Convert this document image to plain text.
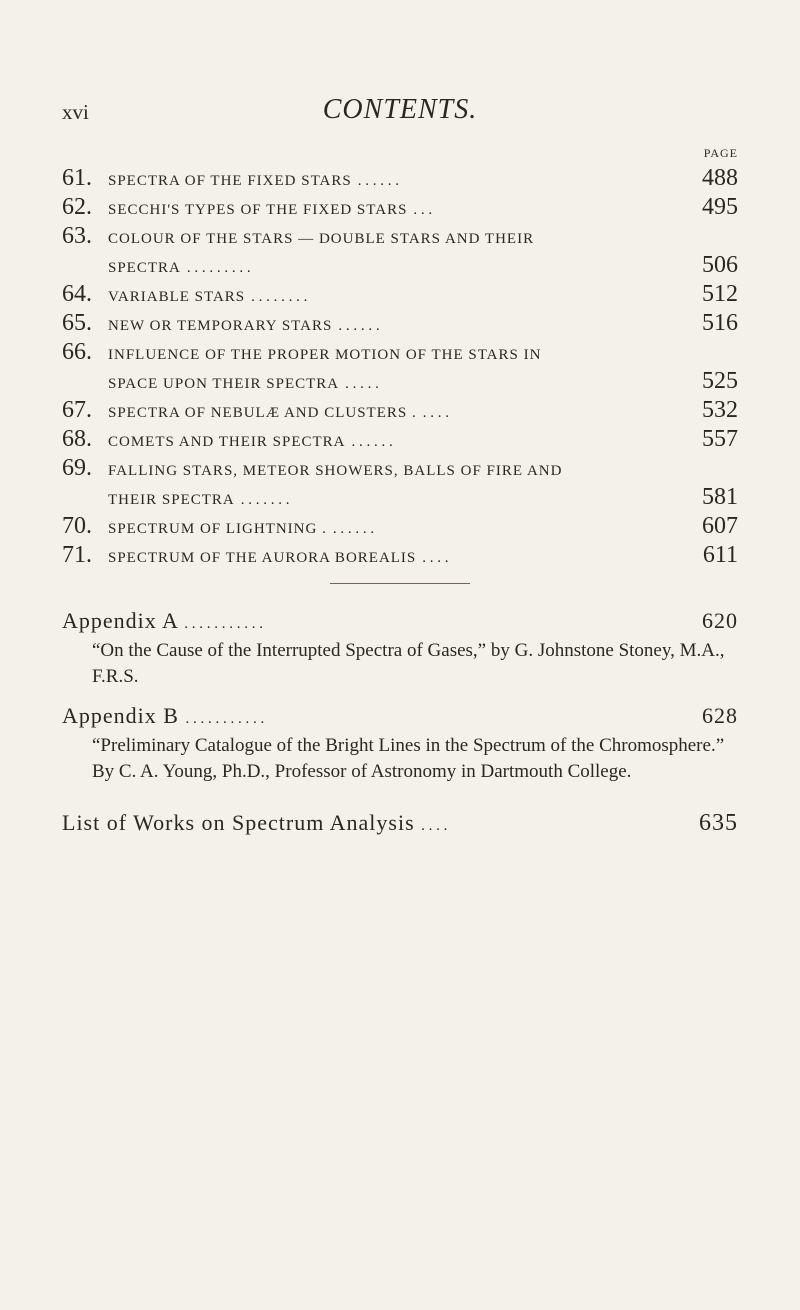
xvi	CONTENTS.
PAGE
61. SPECTRA OF THE FIXED STARS . . . . . .	488
62. SECCHI'S TYPES OF THE FIXED STARS . . .	495
63. COLOUR OF THE STARS — DOUBLE STARS AND THEIR
SPECTRA . . . . . . . . .	506
64. VARIABLE STARS . . . . . . . .	512
65. NEW OR TEMPORARY STARS . . . . . .	516
66. INFLUENCE OF THE PROPER MOTION OF THE STARS IN
SPACE UPON THEIR SPECTRA . . . . .	525
67. SPECTRA OF NEBULÆ AND CLUSTERS . . . . .	532
68. COMETS AND THEIR SPECTRA . . . . . .	557
69. FALLING STARS, METEOR SHOWERS, BALLS OF FIRE AND
THEIR SPECTRA . . . . . . .	581
70. SPECTRUM OF LIGHTNING . . . . . . .	607
71. SPECTRUM OF THE AURORA BOREALIS . . . .	611
Appendix A . . . . . . . . . . .	620
“On the Cause of the Interrupted Spectra of Gases,” by G. Johnstone Stoney, M.A., F.R.S.
Appendix B . . . . . . . . . . .	628
“Preliminary Catalogue of the Bright Lines in the Spectrum of the Chromosphere.” By C. A. Young, Ph.D., Professor of Astronomy in Dartmouth College.
List of Works on Spectrum Analysis . . . .	635
